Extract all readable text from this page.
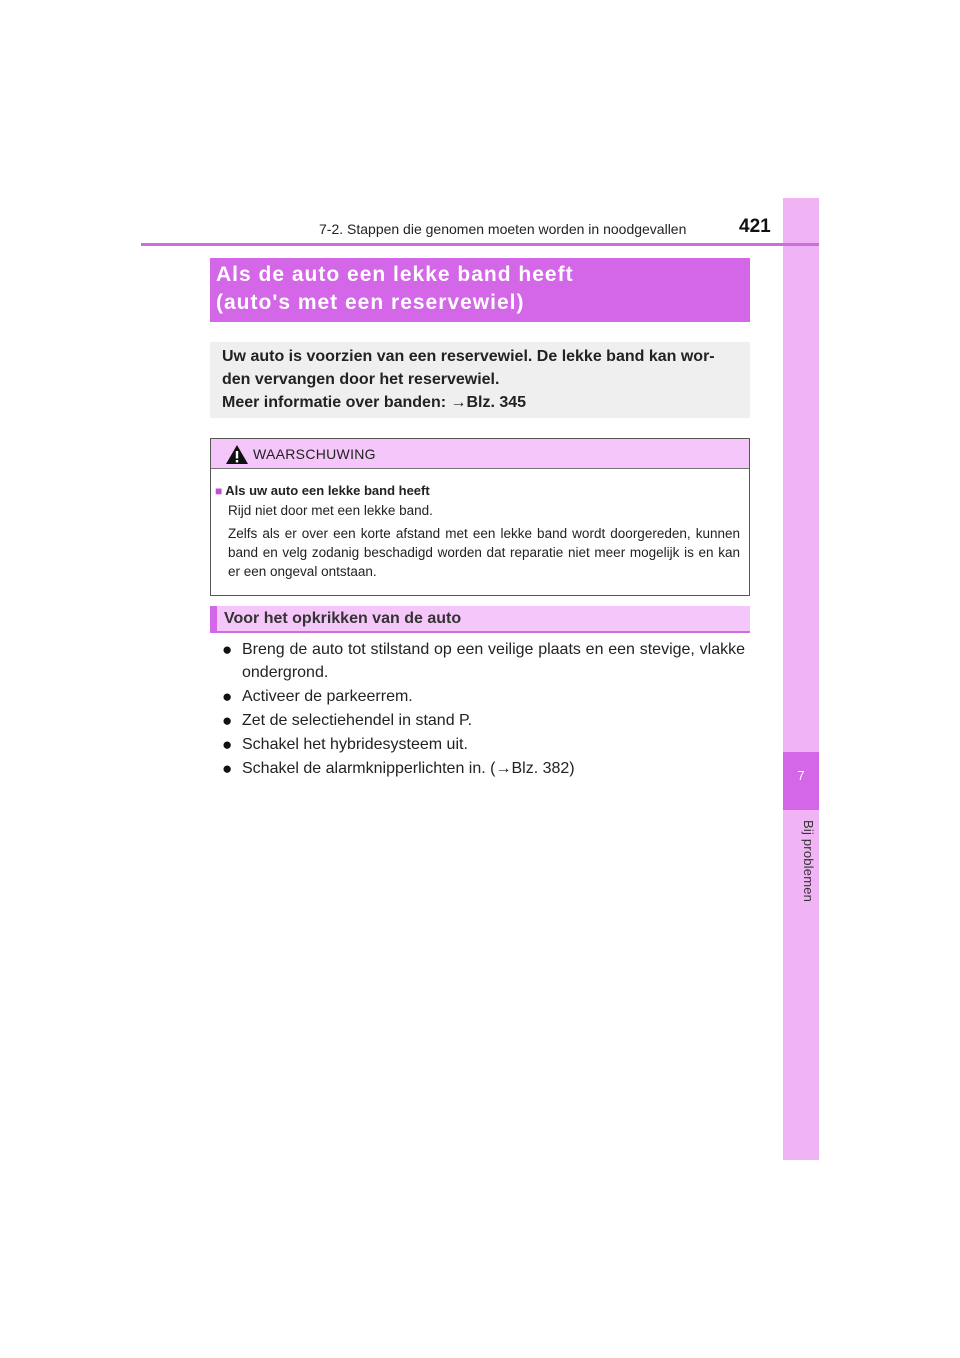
7
Bij problemen
7-2. Stappen die genomen moeten worden in noodgevallen	421
Als de auto een lekke band heeft
(auto's met een reservewiel)
Uw auto is voorzien van een reservewiel. De lekke band kan wor-
den vervangen door het reservewiel.
Meer informatie over banden: →Blz. 345
WAARSCHUWING
■ Als uw auto een lekke band heeft
Rijd niet door met een lekke band.
Zelfs als er over een korte afstand met een lekke band wordt doorgereden, kunnen band en velg zodanig beschadigd worden dat reparatie niet meer mogelijk is en kan er een ongeval ontstaan.
Voor het opkrikken van de auto
● Breng de auto tot stilstand op een veilige plaats en een stevige, vlakke ondergrond.
● Activeer de parkeerrem.
● Zet de selectiehendel in stand P.
● Schakel het hybridesysteem uit.
● Schakel de alarmknipperlichten in. (→Blz. 382)
